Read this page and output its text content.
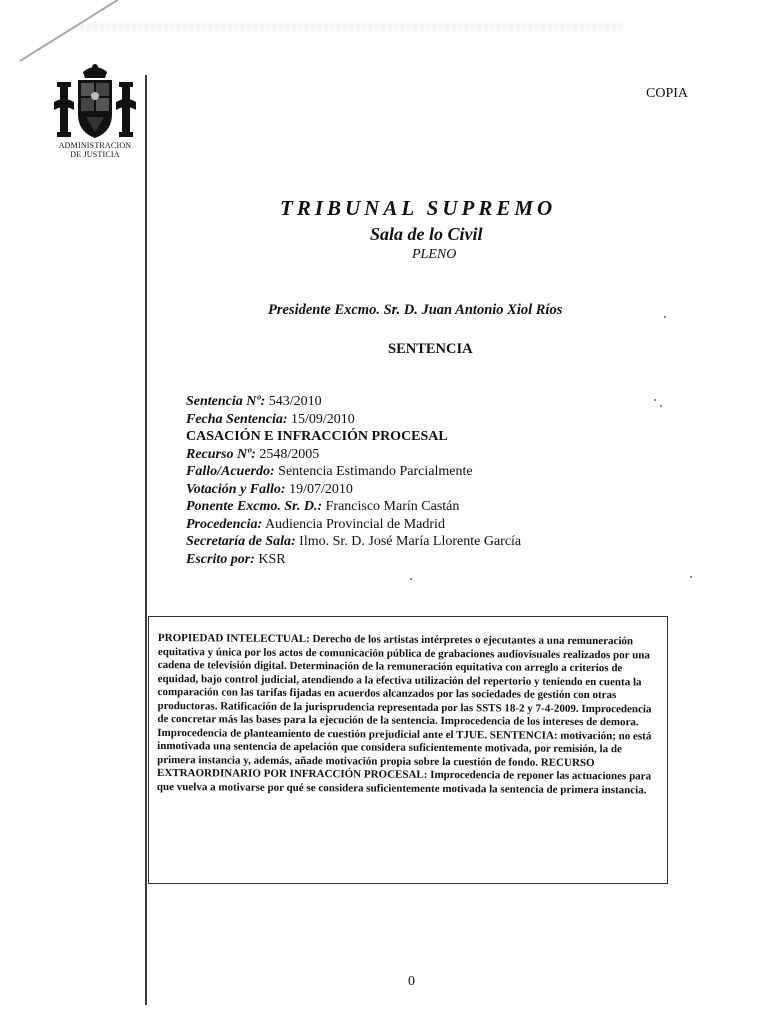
░░░░░░░░░░░░░░░░░░░░░░░░░░░░░░░░░░░░░░░░░░░░░░░░░░░░░░░░░░░░░░░░░░░░░░░░░░░░░░░░░░░░░
ADMINISTRACION
DE JUSTICIA
COPIA
TRIBUNAL SUPREMO
Sala de lo Civil
PLENO
Presidente Excmo. Sr. D. Juan Antonio Xiol Ríos
SENTENCIA
Sentencia Nº: 543/2010
Fecha Sentencia: 15/09/2010
CASACIÓN E INFRACCIÓN PROCESAL
Recurso Nº: 2548/2005
Fallo/Acuerdo: Sentencia Estimando Parcialmente
Votación y Fallo: 19/07/2010
Ponente Excmo. Sr. D.: Francisco Marín Castán
Procedencia: Audiencia Provincial de Madrid
Secretaría de Sala: Ilmo. Sr. D. José María Llorente García
Escrito por: KSR
PROPIEDAD INTELECTUAL: Derecho de los artistas intérpretes o ejecutantes a una remuneración equitativa y única por los actos de comunicación pública de grabaciones audiovisuales realizados por una cadena de televisión digital. Determinación de la remuneración equitativa con arreglo a criterios de equidad, bajo control judicial, atendiendo a la efectiva utilización del repertorio y teniendo en cuenta la comparación con las tarifas fijadas en acuerdos alcanzados por las sociedades de gestión con otras productoras. Ratificación de la jurisprudencia representada por las SSTS 18-2 y 7-4-2009. Improcedencia de concretar más las bases para la ejecución de la sentencia. Improcedencia de los intereses de demora. Improcedencia de planteamiento de cuestión prejudicial ante el TJUE. SENTENCIA: motivación; no está inmotivada una sentencia de apelación que considera suficientemente motivada, por remisión, la de primera instancia y, además, añade motivación propia sobre la cuestión de fondo. RECURSO EXTRAORDINARIO POR INFRACCIÓN PROCESAL: Improcedencia de reponer las actuaciones para que vuelva a motivarse por qué se considera suficientemente motivada la sentencia de primera instancia.
0
